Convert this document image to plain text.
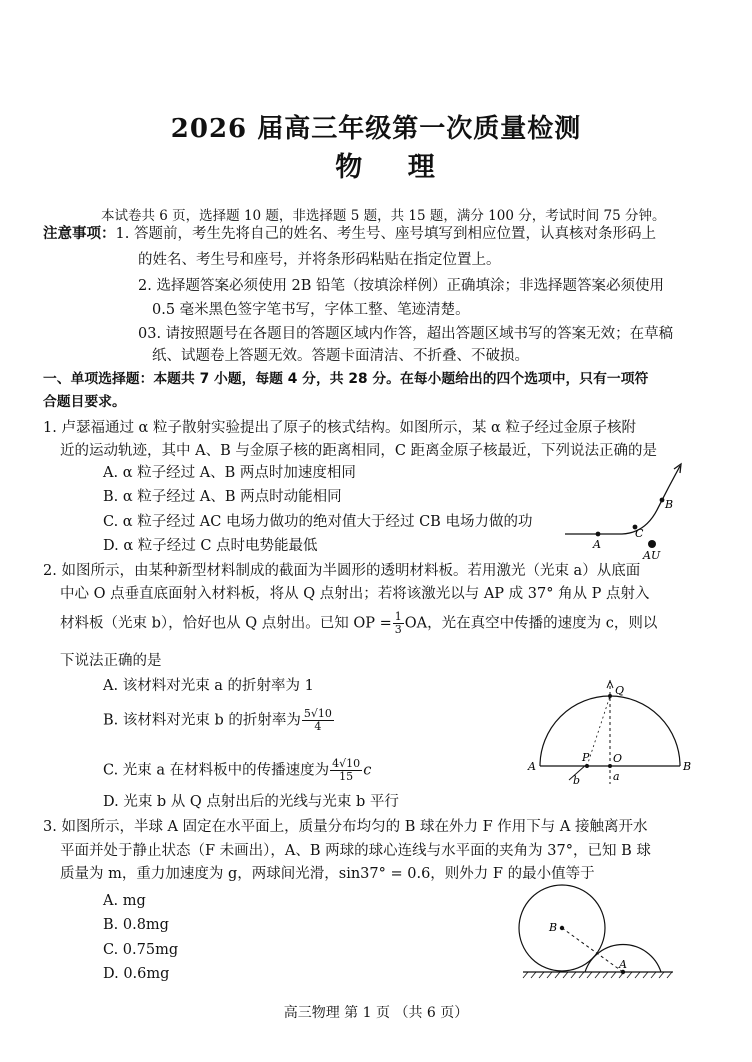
2026 届高三年级第一次质量检测
物 理
本试卷共 6 页，选择题 10 题，非选择题 5 题，共 15 题，满分 100 分，考试时间 75 分钟。
注意事项：1. 答题前，考生先将自己的姓名、考生号、座号填写到相应位置，认真核对条形码上
的姓名、考生号和座号，并将条形码粘贴在指定位置上。
2. 选择题答案必须使用 2B 铅笔（按填涂样例）正确填涂；非选择题答案必须使用
0.5 毫米黑色签字笔书写，字体工整、笔迹清楚。
03. 请按照题号在各题目的答题区域内作答，超出答题区域书写的答案无效；在草稿
纸、试题卷上答题无效。答题卡面清洁、不折叠、不破损。
一、单项选择题：本题共 7 小题，每题 4 分，共 28 分。在每小题给出的四个选项中，只有一项符
合题目要求。
1. 卢瑟福通过 α 粒子散射实验提出了原子的核式结构。如图所示，某 α 粒子经过金原子核附
近的运动轨迹，其中 A、B 与金原子核的距离相同，C 距离金原子核最近，下列说法正确的是
A. α 粒子经过 A、B 两点时加速度相同
B. α 粒子经过 A、B 两点时动能相同
C. α 粒子经过 AC 电场力做功的绝对值大于经过 CB 电场力做的功
D. α 粒子经过 C 点时电势能最低	A
C
B
AU
2. 如图所示，由某种新型材料制成的截面为半圆形的透明材料板。若用激光（光束 a）从底面
中心 O 点垂直底面射入材料板，将从 Q 点射出；若将该激光以与 AP 成 37° 角从 P 点射入
材料板（光束 b），恰好也从 Q 点射出。已知 OP = $\frac{1}{3}$ OA，光在真空中传播的速度为 c，则以
下说法正确的是
A. 该材料对光束 a 的折射率为 1
B. 该材料对光束 b 的折射率为 $\frac{5√10}{4}$
C. 光束 a 在材料板中的传播速度为 $\frac{4√10}{15}$ c
D. 光束 b 从 Q 点射出后的光线与光束 b 平行
Q
P O
A	B
a
b
3. 如图所示，半球 A 固定在水平面上，质量分布均匀的 B 球在外力 F 作用下与 A 接触离开水
平面并处于静止状态（F 未画出），A、B 两球的球心连线与水平面的夹角为 37°，已知 B 球
质量为 m，重力加速度为 g，两球间光滑，sin37° = 0.6，则外力 F 的最小值等于
A. mg
B. 0.8mg
C. 0.75mg
D. 0.6mg
B
A
高三物理 第 1 页 （共 6 页）
